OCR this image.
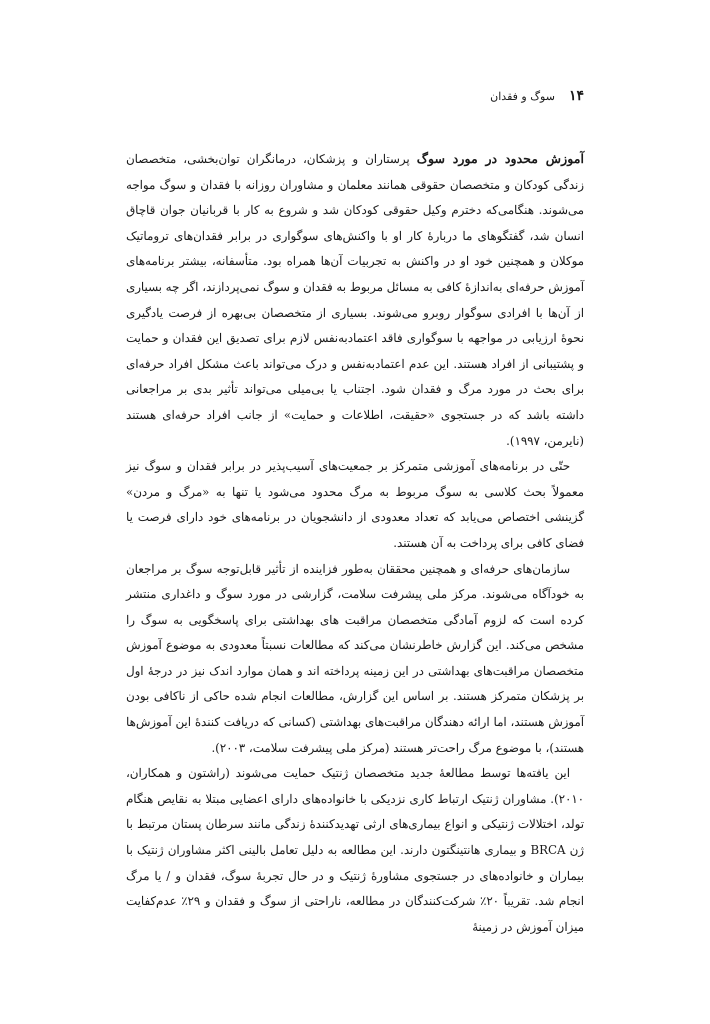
۱۴
سوگ و فقدان

آموزش محدود در مورد سوگ پرستاران و پزشکان، درمانگران توان‌بخشی، متخصصان زندگی کودکان و متخصصان حقوقی همانند معلمان و مشاوران روزانه با فقدان و سوگ مواجه می‌شوند. هنگامی‌که دخترم وکیل حقوقی کودکان شد و شروع به کار با قربانیان جوان قاچاق انسان شد، گفتگوهای ما دربارهٔ کار او با واکنش‌های سوگواری در برابر فقدان‌های تروماتیک موکلان و همچنین خود او در واکنش به تجربیات آن‌ها همراه بود. متأسفانه، بیشتر برنامه‌های آموزش حرفه‌ای به‌اندازهٔ کافی به مسائل مربوط به فقدان و سوگ نمی‌پردازند، اگر چه بسیاری از آن‌ها با افرادی سوگوار روبرو می‌شوند. بسیاری از متخصصان بی‌بهره از فرصت یادگیری نحوهٔ ارزیابی در مواجهه با سوگواری فاقد اعتمادبه‌نفس لازم برای تصدیق این فقدان و حمایت و پشتیبانی از افراد هستند. این عدم اعتمادبه‌نفس و درک می‌تواند باعث مشکل افراد حرفه‌ای برای بحث در مورد مرگ و فقدان شود. اجتناب یا بی‌میلی می‌تواند تأثیر بدی بر مراجعانی داشته باشد که در جستجوی «حقیقت، اطلاعات و حمایت» از جانب افراد حرفه‌ای هستند (نایرمن، ۱۹۹۷).

حتّی در برنامه‌های آموزشی متمرکز بر جمعیت‌های آسیب‌پذیر در برابر فقدان و سوگ نیز معمولاً بحث کلاسی به سوگ مربوط به مرگ محدود می‌شود یا تنها به «مرگ و مردن» گزینشی اختصاص می‌یابد که تعداد معدودی از دانشجویان در برنامه‌های خود دارای فرصت یا فضای کافی برای پرداخت به آن هستند.

سازمان‌های حرفه‌ای و همچنین محققان به‌طور فزاینده از تأثیر قابل‌توجه سوگ بر مراجعان به خودآگاه می‌شوند. مرکز ملی پیشرفت سلامت، گزارشی در مورد سوگ و داغداری منتشر کرده است که لزوم آمادگی متخصصان مراقبت های بهداشتی برای پاسخگویی به سوگ را مشخص می‌کند. این گزارش خاطرنشان می‌کند که مطالعات نسبتاً معدودی به موضوع آموزش متخصصان مراقبت‌های بهداشتی در این زمینه پرداخته اند و همان موارد اندک نیز در درجهٔ اول بر پزشکان متمرکز هستند. بر اساس این گزارش، مطالعات انجام شده حاکی از ناکافی بودن آموزش هستند، اما ارائه دهندگان مراقبت‌های بهداشتی (کسانی که دریافت کنندهٔ این آموزش‌ها هستند)، با موضوع مرگ راحت‌تر هستند (مرکز ملی پیشرفت سلامت، ۲۰۰۳).

این یافته‌ها توسط مطالعهٔ جدید متخصصان ژنتیک حمایت می‌شوند (راشتون و همکاران، ۲۰۱۰). مشاوران ژنتیک ارتباط کاری نزدیکی با خانواده‌های دارای اعضایی مبتلا به نقایص هنگام تولد، اختلالات ژنتیکی و انواع بیماری‌های ارثی تهدیدکنندهٔ زندگی مانند سرطان پستان مرتبط با ژن BRCA و بیماری هانتینگتون دارند. این مطالعه به دلیل تعامل بالینی اکثر مشاوران ژنتیک با بیماران و خانواده‌های در جستجوی مشاورهٔ ژنتیک و در حال تجربهٔ سوگ، فقدان و / یا مرگ انجام شد. تقریباً ۲۰٪ شرکت‌کنندگان در مطالعه، ناراحتی از سوگ و فقدان و ۲۹٪ عدم‌کفایت میزان آموزش در زمینهٔ
